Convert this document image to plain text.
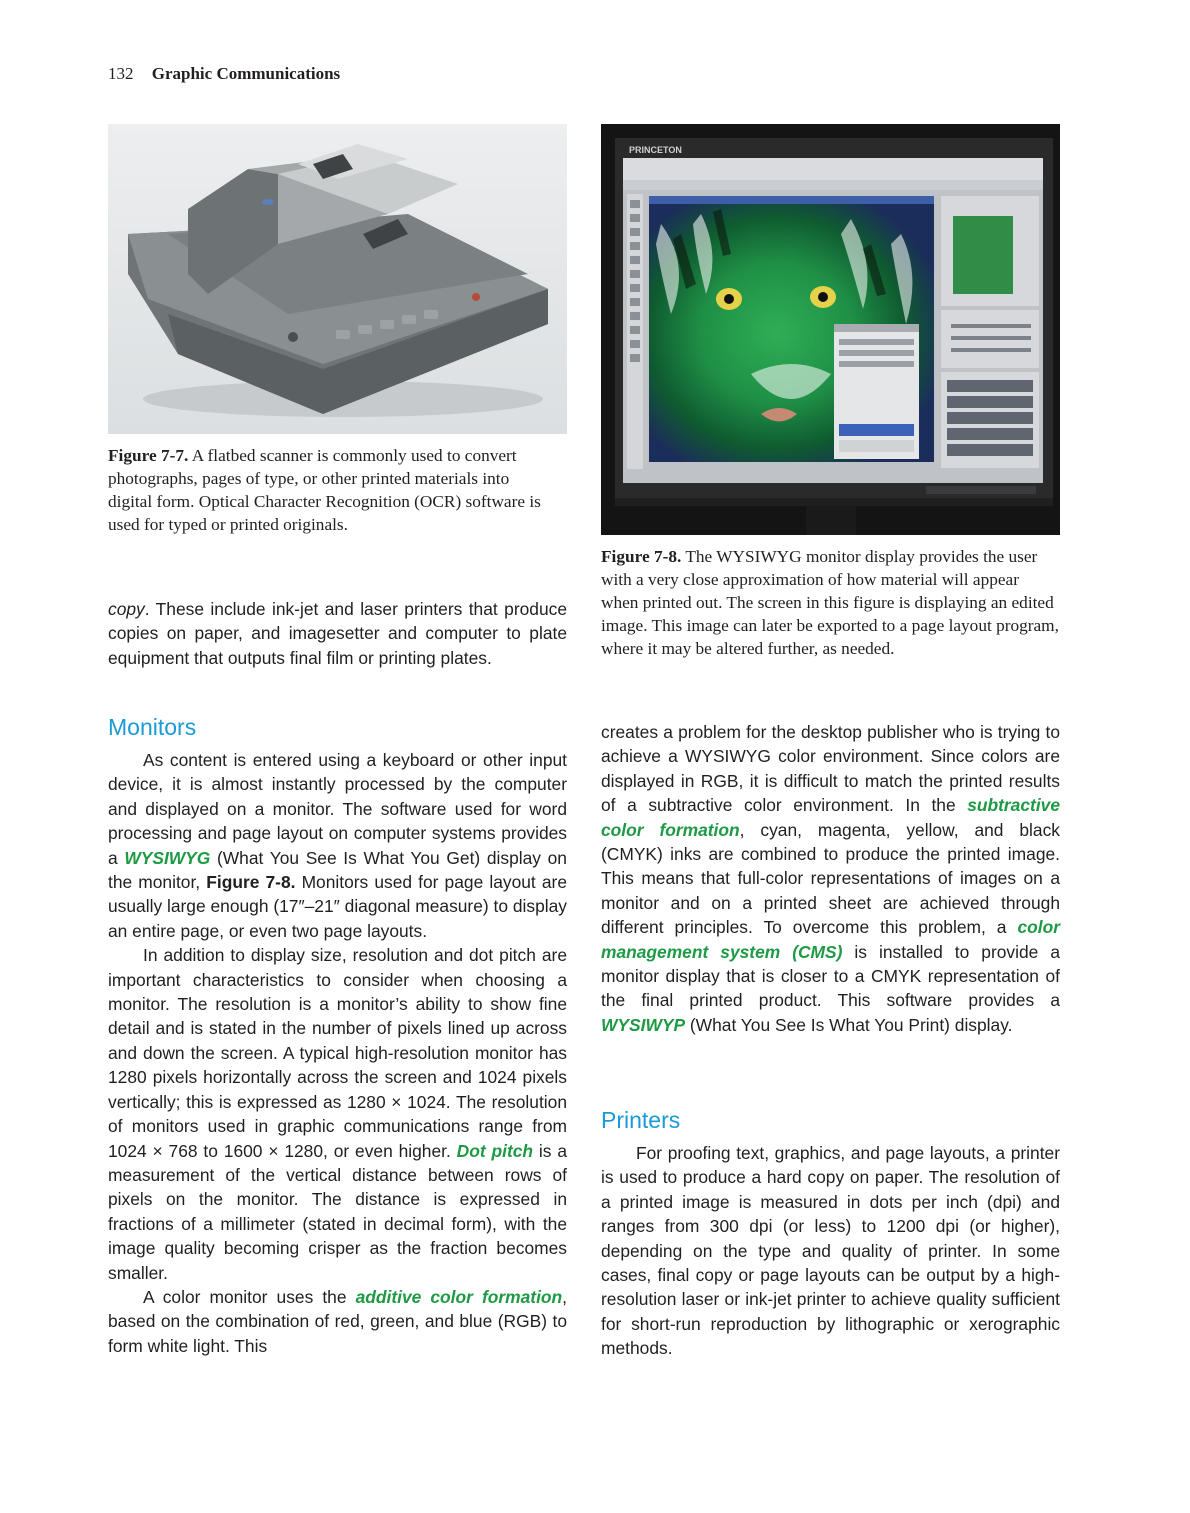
132 Graphic Communications
Figure 7-7. A flatbed scanner is commonly used to convert photographs, pages of type, or other printed materials into digital form. Optical Character Recognition (OCR) software is used for typed or printed originals.
PRINCETON
Figure 7-8. The WYSIWYG monitor display provides the user with a very close approximation of how material will appear when printed out. The screen in this figure is displaying an edited image. This image can later be exported to a page layout program, where it may be altered further, as needed.

copy. These include ink-jet and laser printers that produce copies on paper, and imagesetter and computer to plate equipment that outputs final film or printing plates.

Monitors

As content is entered using a keyboard or other input device, it is almost instantly processed by the computer and displayed on a monitor. The software used for word processing and page layout on computer systems provides a WYSIWYG (What You See Is What You Get) display on the monitor, Figure 7-8. Monitors used for page layout are usually large enough (17″–21″ diagonal measure) to display an entire page, or even two page layouts.

In addition to display size, resolution and dot pitch are important characteristics to consider when choosing a monitor. The resolution is a monitor’s ability to show fine detail and is stated in the number of pixels lined up across and down the screen. A typical high-resolution monitor has 1280 pixels horizontally across the screen and 1024 pixels vertically; this is expressed as 1280 × 1024. The resolution of monitors used in graphic communications range from 1024 × 768 to 1600 × 1280, or even higher. Dot pitch is a measurement of the vertical distance between rows of pixels on the monitor. The distance is expressed in fractions of a millimeter (stated in decimal form), with the image quality becoming crisper as the fraction becomes smaller.

A color monitor uses the additive color formation, based on the combination of red, green, and blue (RGB) to form white light. This

creates a problem for the desktop publisher who is trying to achieve a WYSIWYG color environment. Since colors are displayed in RGB, it is difficult to match the printed results of a subtractive color environment. In the subtractive color formation, cyan, magenta, yellow, and black (CMYK) inks are combined to produce the printed image. This means that full-color representations of images on a monitor and on a printed sheet are achieved through different principles. To overcome this problem, a color management system (CMS) is installed to provide a monitor display that is closer to a CMYK representation of the final printed product. This software provides a WYSIWYP (What You See Is What You Print) display.

Printers

For proofing text, graphics, and page layouts, a printer is used to produce a hard copy on paper. The resolution of a printed image is measured in dots per inch (dpi) and ranges from 300 dpi (or less) to 1200 dpi (or higher), depending on the type and quality of printer. In some cases, final copy or page layouts can be output by a high-resolution laser or ink-jet printer to achieve quality sufficient for short-run reproduction by lithographic or xerographic methods.
